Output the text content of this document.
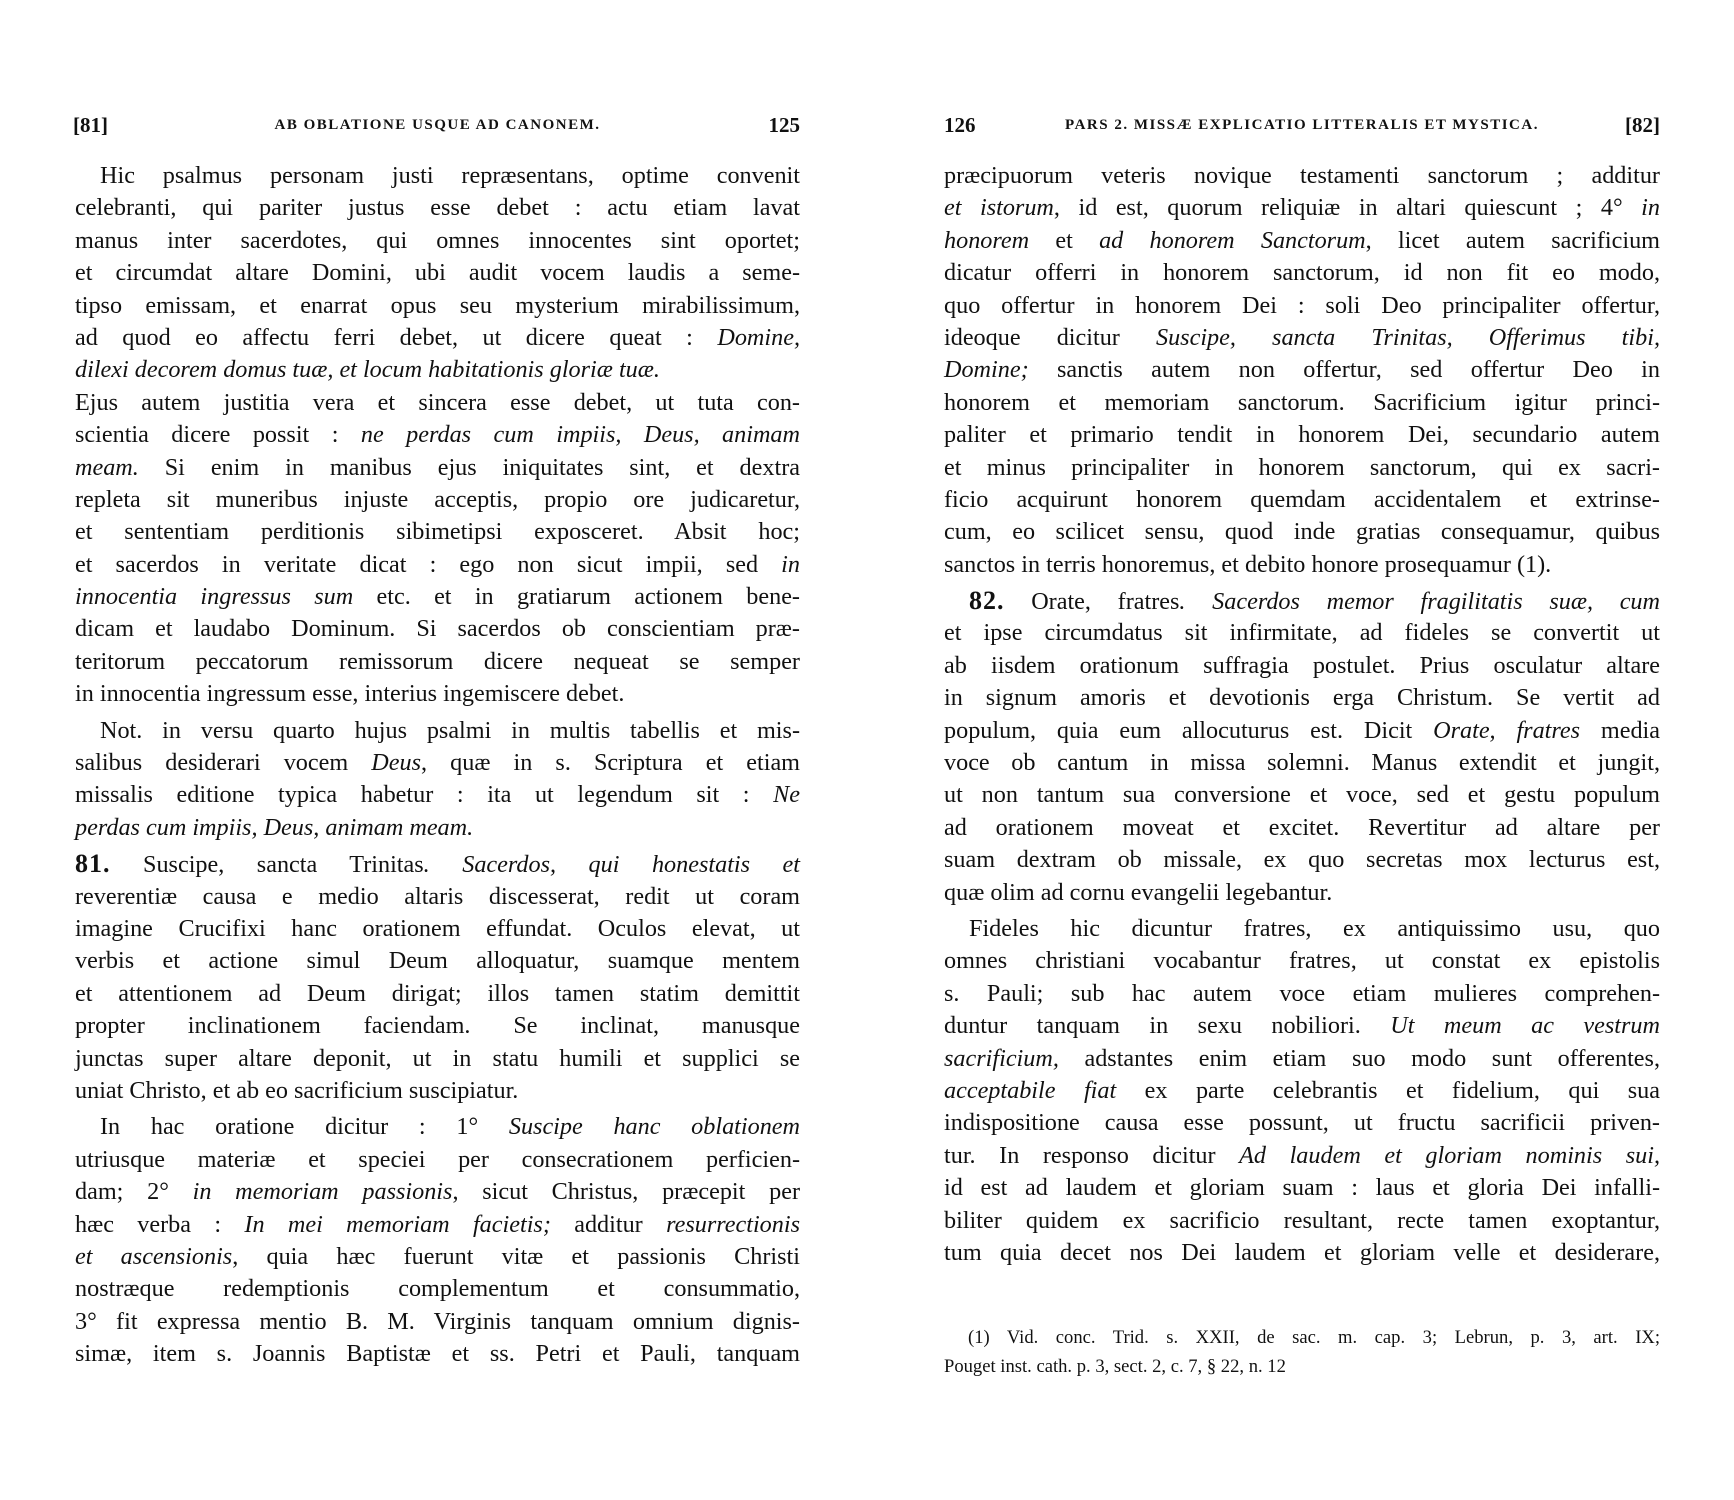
[81]	AB OBLATIONE USQUE AD CANONEM.	125
Hic psalmus personam justi repræsentans, optime convenit
celebranti, qui pariter justus esse debet : actu etiam lavat
manus inter sacerdotes, qui omnes innocentes sint oportet;
et circumdat altare Domini, ubi audit vocem laudis a seme-
tipso emissam, et enarrat opus seu mysterium mirabilissimum,
ad quod eo affectu ferri debet, ut dicere queat : Domine,
dilexi decorem domus tuæ, et locum habitationis gloriæ tuæ.
Ejus autem justitia vera et sincera esse debet, ut tuta con-
scientia dicere possit : ne perdas cum impiis, Deus, animam
meam. Si enim in manibus ejus iniquitates sint, et dextra
repleta sit muneribus injuste acceptis, propio ore judicaretur,
et sententiam perditionis sibimetipsi exposceret. Absit hoc;
et sacerdos in veritate dicat : ego non sicut impii, sed in
innocentia ingressus sum etc. et in gratiarum actionem bene-
dicam et laudabo Dominum. Si sacerdos ob conscientiam præ-
teritorum peccatorum remissorum dicere nequeat se semper
in innocentia ingressum esse, interius ingemiscere debet.
Not. in versu quarto hujus psalmi in multis tabellis et mis-
salibus desiderari vocem Deus, quæ in s. Scriptura et etiam
missalis editione typica habetur : ita ut legendum sit : Ne
perdas cum impiis, Deus, animam meam.
81. Suscipe, sancta Trinitas. Sacerdos, qui honestatis et
reverentiæ causa e medio altaris discesserat, redit ut coram
imagine Crucifixi hanc orationem effundat. Oculos elevat, ut
verbis et actione simul Deum alloquatur, suamque mentem
et attentionem ad Deum dirigat; illos tamen statim demittit
propter inclinationem faciendam. Se inclinat, manusque
junctas super altare deponit, ut in statu humili et supplici se
uniat Christo, et ab eo sacrificium suscipiatur.
In hac oratione dicitur : 1° Suscipe hanc oblationem
utriusque materiæ et speciei per consecrationem perficien-
dam; 2° in memoriam passionis, sicut Christus, præcepit per
hæc verba : In mei memoriam facietis; additur resurrectionis
et ascensionis, quia hæc fuerunt vitæ et passionis Christi
nostræque redemptionis complementum et consummatio,
3° fit expressa mentio B. M. Virginis tanquam omnium dignis-
simæ, item s. Joannis Baptistæ et ss. Petri et Pauli, tanquam
126	PARS 2. MISSÆ EXPLICATIO LITTERALIS ET MYSTICA.	[82]
præcipuorum veteris novique testamenti sanctorum ; additur
et istorum, id est, quorum reliquiæ in altari quiescunt ; 4° in
honorem et ad honorem Sanctorum, licet autem sacrificium
dicatur offerri in honorem sanctorum, id non fit eo modo,
quo offertur in honorem Dei : soli Deo principaliter offertur,
ideoque dicitur Suscipe, sancta Trinitas, Offerimus tibi,
Domine; sanctis autem non offertur, sed offertur Deo in
honorem et memoriam sanctorum. Sacrificium igitur princi-
paliter et primario tendit in honorem Dei, secundario autem
et minus principaliter in honorem sanctorum, qui ex sacri-
ficio acquirunt honorem quemdam accidentalem et extrinse-
cum, eo scilicet sensu, quod inde gratias consequamur, quibus
sanctos in terris honoremus, et debito honore prosequamur (1).
82. Orate, fratres. Sacerdos memor fragilitatis suæ, cum
et ipse circumdatus sit infirmitate, ad fideles se convertit ut
ab iisdem orationum suffragia postulet. Prius osculatur altare
in signum amoris et devotionis erga Christum. Se vertit ad
populum, quia eum allocuturus est. Dicit Orate, fratres media
voce ob cantum in missa solemni. Manus extendit et jungit,
ut non tantum sua conversione et voce, sed et gestu populum
ad orationem moveat et excitet. Revertitur ad altare per
suam dextram ob missale, ex quo secretas mox lecturus est,
quæ olim ad cornu evangelii legebantur.
Fideles hic dicuntur fratres, ex antiquissimo usu, quo
omnes christiani vocabantur fratres, ut constat ex epistolis
s. Pauli; sub hac autem voce etiam mulieres comprehen-
duntur tanquam in sexu nobiliori. Ut meum ac vestrum
sacrificium, adstantes enim etiam suo modo sunt offerentes,
acceptabile fiat ex parte celebrantis et fidelium, qui sua
indispositione causa esse possunt, ut fructu sacrificii priven-
tur. In responso dicitur Ad laudem et gloriam nominis sui,
id est ad laudem et gloriam suam : laus et gloria Dei infalli-
biliter quidem ex sacrificio resultant, recte tamen exoptantur,
tum quia decet nos Dei laudem et gloriam velle et desiderare,
(1) Vid. conc. Trid. s. XXII, de sac. m. cap. 3; Lebrun, p. 3, art. IX;
Pouget inst. cath. p. 3, sect. 2, c. 7, § 22, n. 12
